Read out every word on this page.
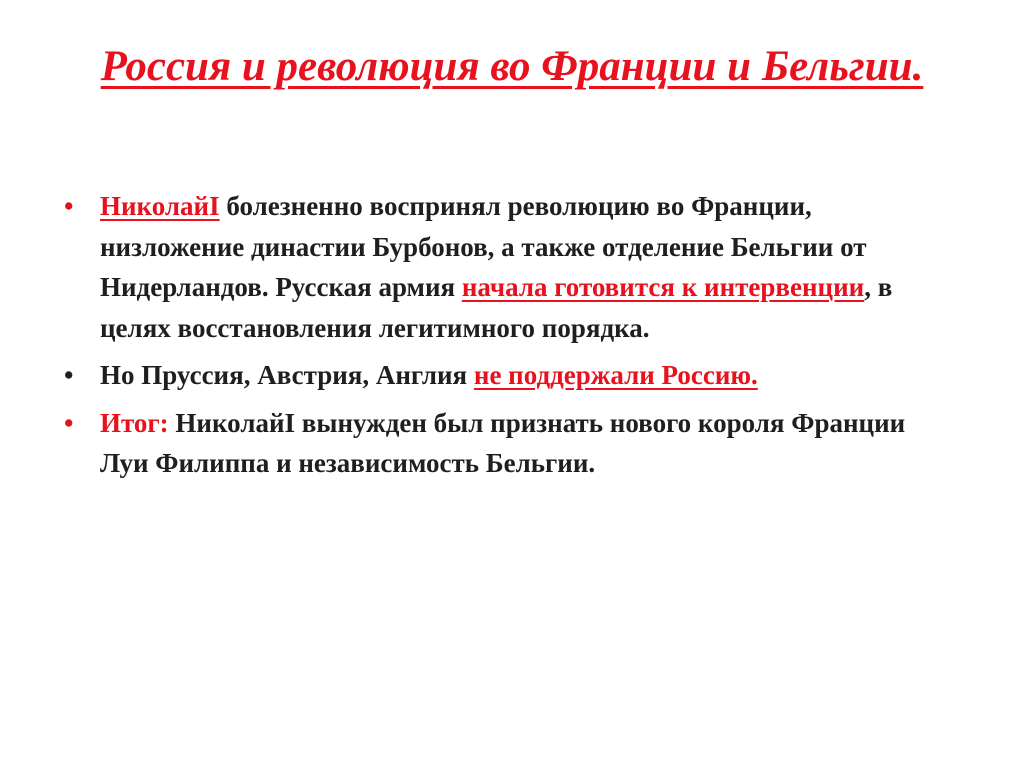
Россия и революция во Франции и Бельгии.
• НиколайI болезненно воспринял революцию во Франции, низложение династии Бурбонов, а также отделение Бельгии от Нидерландов. Русская армия начала готовится к интервенции, в целях восстановления легитимного порядка.
• Но Пруссия, Австрия, Англия не поддержали Россию.
• Итог: НиколайI вынужден был признать нового короля Франции Луи Филиппа и независимость Бельгии.
